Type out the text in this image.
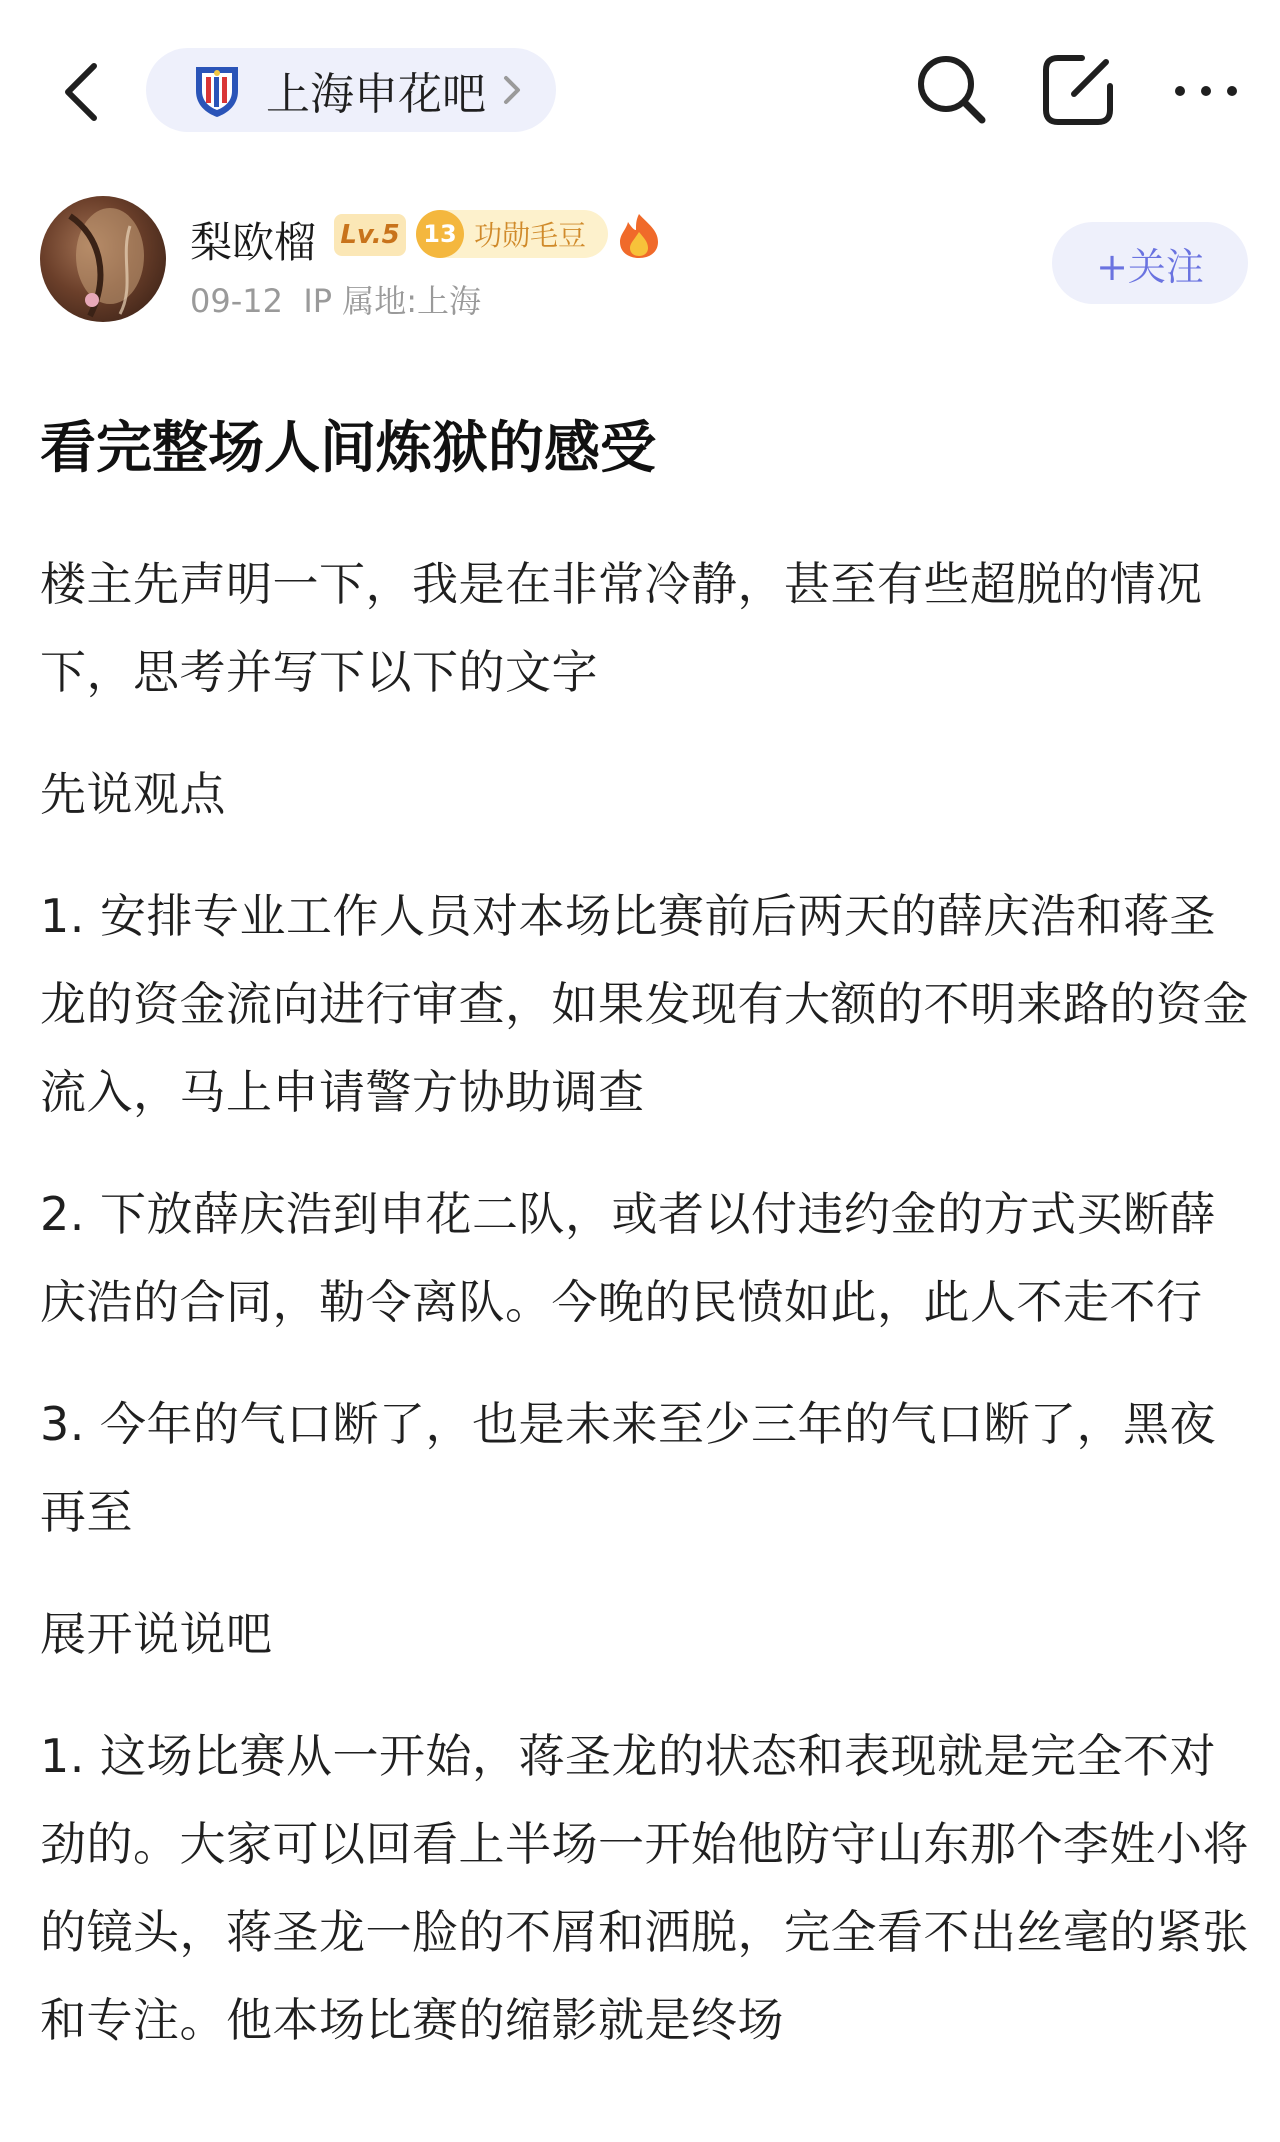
上海申花吧
梨欧榴 Lv.5 13 功勋毛豆
09-12 IP 属地:上海
+关注
看完整场人间炼狱的感受

楼主先声明一下，我是在非常冷静，甚至有些超脱的情况下，思考并写下以下的文字

先说观点

1. 安排专业工作人员对本场比赛前后两天的薛庆浩和蒋圣龙的资金流向进行审查，如果发现有大额的不明来路的资金流入，马上申请警方协助调查

2. 下放薛庆浩到申花二队，或者以付违约金的方式买断薛庆浩的合同，勒令离队。今晚的民愤如此，此人不走不行

3. 今年的气口断了，也是未来至少三年的气口断了，黑夜再至

展开说说吧

1. 这场比赛从一开始，蒋圣龙的状态和表现就是完全不对劲的。大家可以回看上半场一开始他防守山东那个李姓小将的镜头，蒋圣龙一脸的不屑和洒脱，完全看不出丝毫的紧张和专注。他本场比赛的缩影就是终场
